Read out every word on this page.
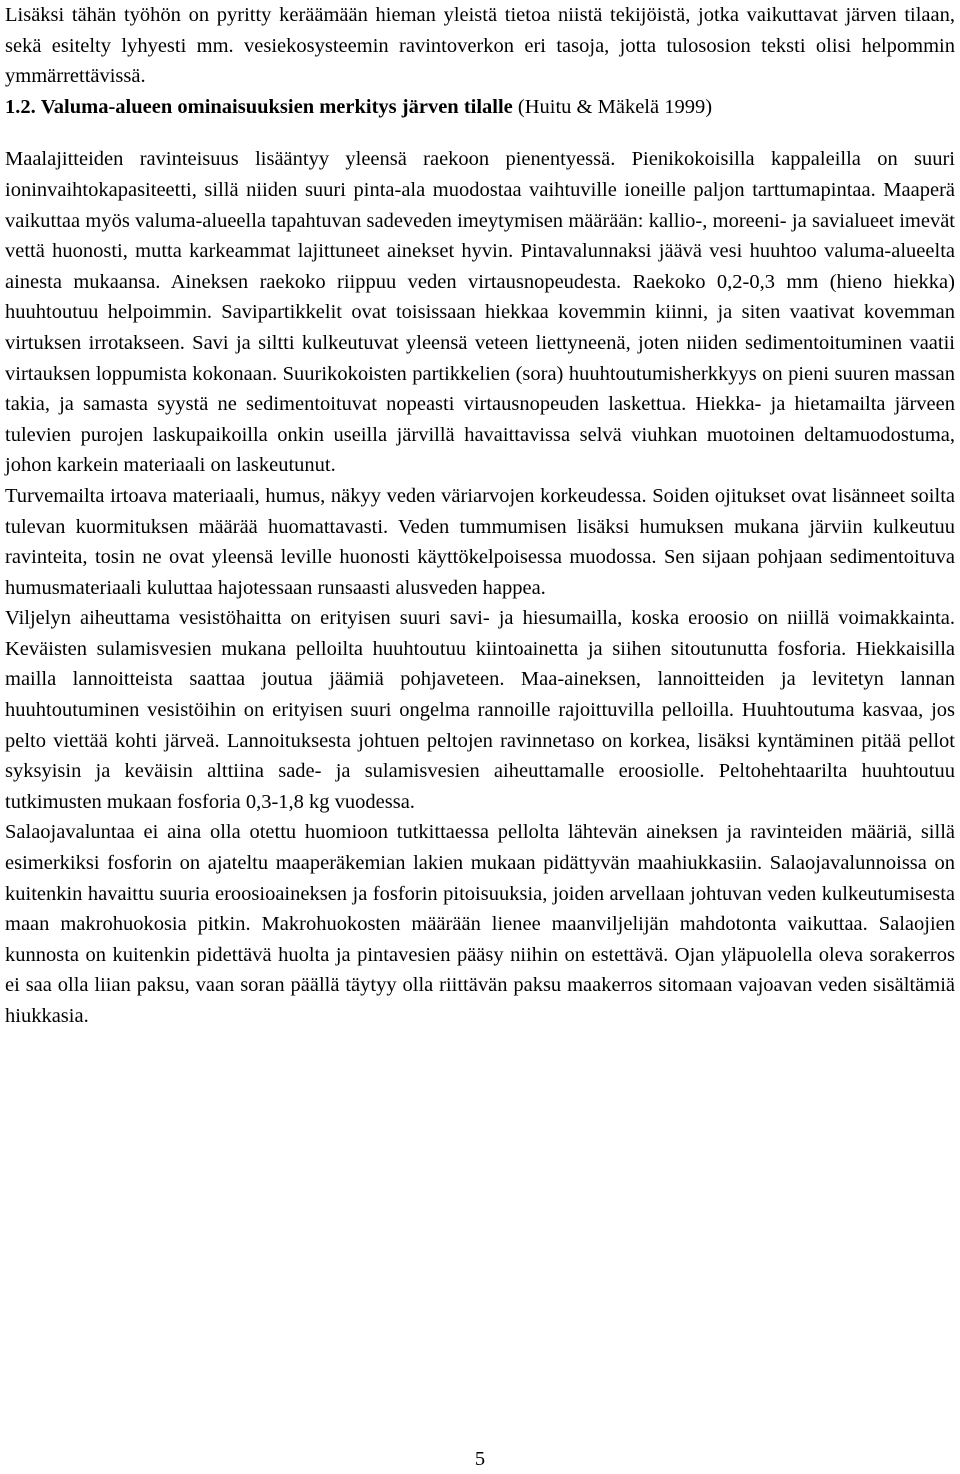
Lisäksi tähän työhön on pyritty keräämään hieman yleistä tietoa niistä tekijöistä, jotka vaikuttavat järven tilaan, sekä esitelty lyhyesti mm. vesiekosysteemin ravintoverkon eri tasoja, jotta tulososion teksti olisi helpommin ymmärrettävissä.

1.2. Valuma-alueen ominaisuuksien merkitys järven tilalle (Huitu & Mäkelä 1999)

Maalajitteiden ravinteisuus lisääntyy yleensä raekoon pienentyessä. Pienikokoisilla kappaleilla on suuri ioninvaihtokapasiteetti, sillä niiden suuri pinta-ala muodostaa vaihtuville ioneille paljon tarttumapintaa. Maaperä vaikuttaa myös valuma-alueella tapahtuvan sadeveden imeytymisen määrään: kallio-, moreeni- ja savialueet imevät vettä huonosti, mutta karkeammat lajittuneet ainekset hyvin. Pintavalunnaksi jäävä vesi huuhtoo valuma-alueelta ainesta mukaansa. Aineksen raekoko riippuu veden virtausnopeudesta. Raekoko 0,2-0,3 mm (hieno hiekka) huuhtoutuu helpoimmin. Savipartikkelit ovat toisissaan hiekkaa kovemmin kiinni, ja siten vaativat kovemman virtuksen irrotakseen. Savi ja siltti kulkeutuvat yleensä veteen liettyneenä, joten niiden sedimentoituminen vaatii virtauksen loppumista kokonaan. Suurikokoisten partikkelien (sora) huuhtoutumisherkkyys on pieni suuren massan takia, ja samasta syystä ne sedimentoituvat nopeasti virtausnopeuden laskettua. Hiekka- ja hietamailta järveen tulevien purojen laskupaikoilla onkin useilla järvillä havaittavissa selvä viuhkan muotoinen deltamuodostuma, johon karkein materiaali on laskeutunut.

Turvemailta irtoava materiaali, humus, näkyy veden väriarvojen korkeudessa. Soiden ojitukset ovat lisänneet soilta tulevan kuormituksen määrää huomattavasti. Veden tummumisen lisäksi humuksen mukana järviin kulkeutuu ravinteita, tosin ne ovat yleensä leville huonosti käyttökelpoisessa muodossa. Sen sijaan pohjaan sedimentoituva humusmateriaali kuluttaa hajotessaan runsaasti alusveden happea.

Viljelyn aiheuttama vesistöhaitta on erityisen suuri savi- ja hiesumailla, koska eroosio on niillä voimakkainta. Keväisten sulamisvesien mukana pelloilta huuhtoutuu kiintoainetta ja siihen sitoutunutta fosforia. Hiekkaisilla mailla lannoitteista saattaa joutua jäämiä pohjaveteen. Maa-aineksen, lannoitteiden ja levitetyn lannan huuhtoutuminen vesistöihin on erityisen suuri ongelma rannoille rajoittuvilla pelloilla. Huuhtoutuma kasvaa, jos pelto viettää kohti järveä. Lannoituksesta johtuen peltojen ravinnetaso on korkea, lisäksi kyntäminen pitää pellot syksyisin ja keväisin alttiina sade- ja sulamisvesien aiheuttamalle eroosiolle. Peltohehtaarilta huuhtoutuu tutkimusten mukaan fosforia 0,3-1,8 kg vuodessa.

Salaojavaluntaa ei aina olla otettu huomioon tutkittaessa pellolta lähtevän aineksen ja ravinteiden määriä, sillä esimerkiksi fosforin on ajateltu maaperäkemian lakien mukaan pidättyvän maahiukkasiin. Salaojavalunnoissa on kuitenkin havaittu suuria eroosioaineksen ja fosforin pitoisuuksia, joiden arvellaan johtuvan veden kulkeutumisesta maan makrohuokosia pitkin. Makrohuokosten määrään lienee maanviljelijän mahdotonta vaikuttaa. Salaojien kunnosta on kuitenkin pidettävä huolta ja pintavesien pääsy niihin on estettävä. Ojan yläpuolella oleva sorakerros ei saa olla liian paksu, vaan soran päällä täytyy olla riittävän paksu maakerros sitomaan vajoavan veden sisältämiä hiukkasia.

5
